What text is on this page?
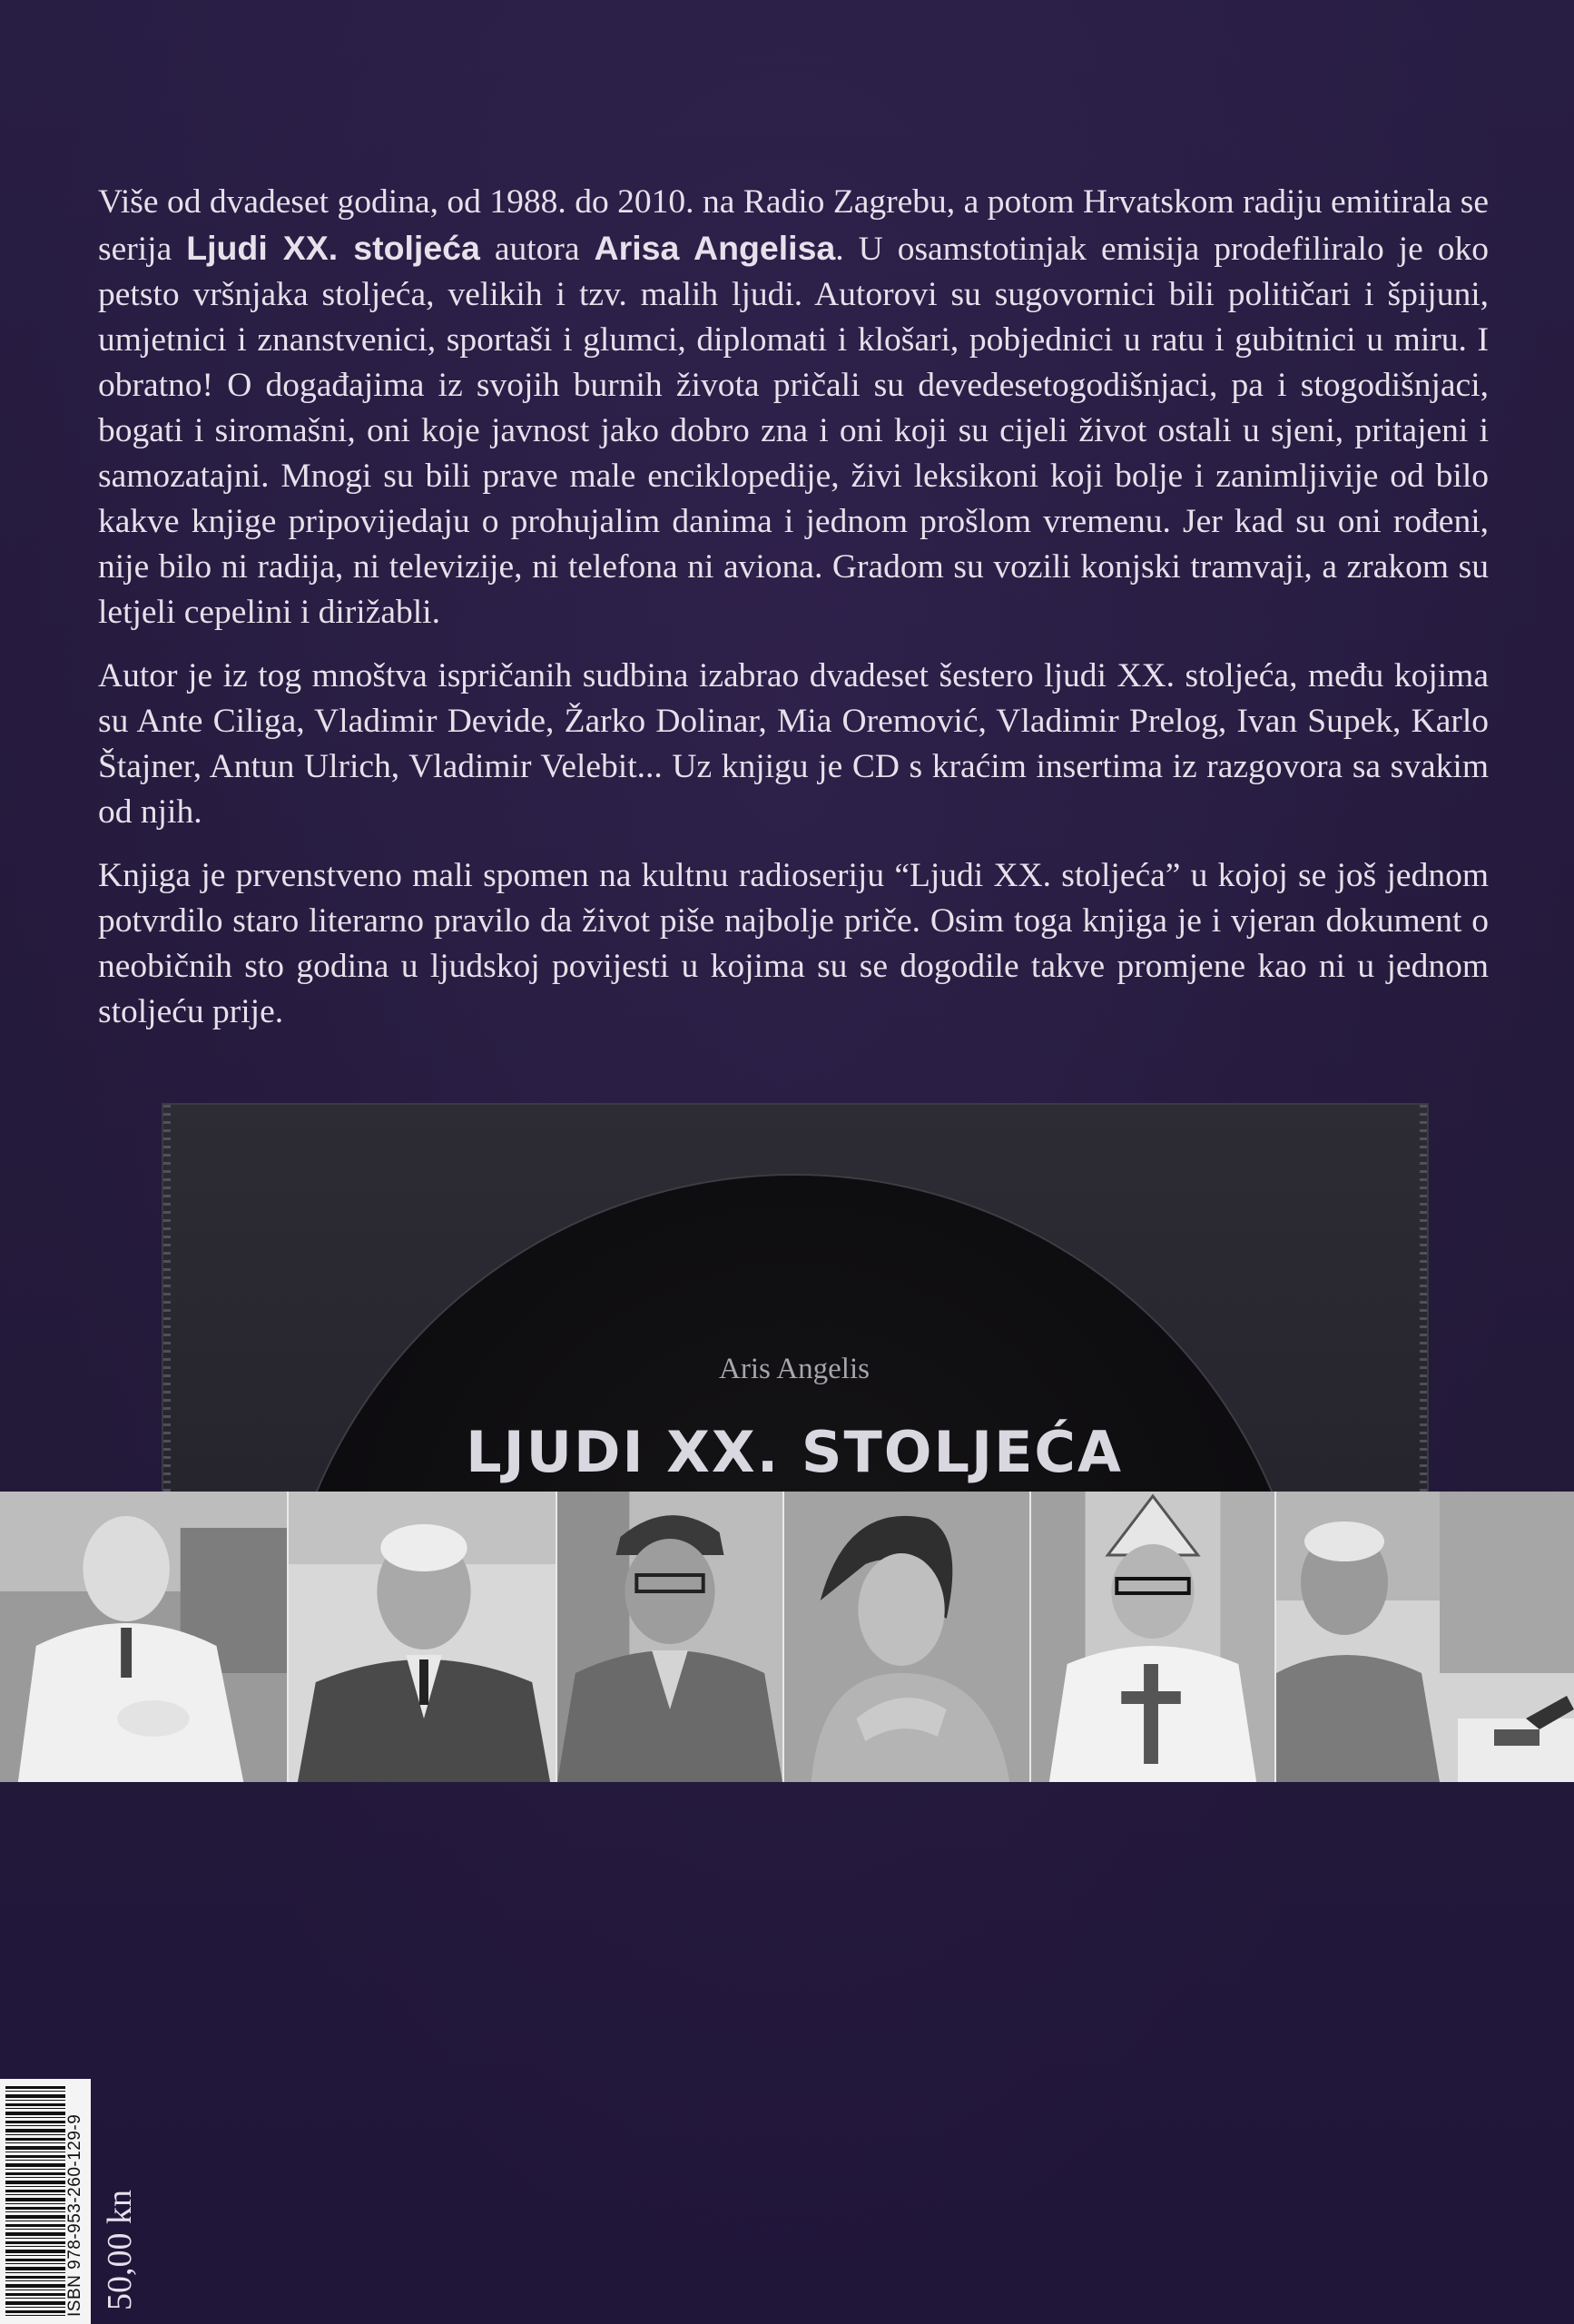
Više od dvadeset godina, od 1988. do 2010. na Radio Zagrebu, a potom Hrvatskom radiju emitirala se serija Ljudi XX. stoljeća autora Arisa Angelisa. U osamstotinjak emisija prodefiliralo je oko petsto vršnjaka stoljeća, velikih i tzv. malih ljudi. Autorovi su sugovornici bili političari i špijuni, umjetnici i znanstvenici, sportaši i glumci, diplomati i klošari, pobjednici u ratu i gubitnici u miru. I obratno! O događajima iz svojih burnih života pričali su devedesetogodišnjaci, pa i stogodišnjaci, bogati i siromašni, oni koje javnost jako dobro zna i oni koji su cijeli život ostali u sjeni, pritajeni i samozatajni. Mnogi su bili prave male enciklopedije, živi leksikoni koji bolje i zanimljivije od bilo kakve knjige pripovijedaju o prohujalim danima i jednom prošlom vremenu. Jer kad su oni rođeni, nije bilo ni radija, ni televizije, ni telefona ni aviona. Gradom su vozili konjski tramvaji, a zrakom su letjeli cepelini i dirižabli.

Autor je iz tog mnoštva ispričanih sudbina izabrao dvadeset šestero ljudi XX. stoljeća, među kojima su Ante Ciliga, Vladimir Devide, Žarko Dolinar, Mia Oremović, Vladimir Prelog, Ivan Supek, Karlo Štajner, Antun Ulrich, Vladimir Velebit... Uz knjigu je CD s kraćim insertima iz razgovora sa svakim od njih.

Knjiga je prvenstveno mali spomen na kultnu radioseriju “Ljudi XX. stoljeća” u kojoj se još jednom potvrdilo staro literarno pravilo da život piše najbolje priče. Osim toga knjiga je i vjeran dokument o neobičnih sto godina u ljudskoj povijesti u kojima su se dogodile takve promjene kao ni u jednom stoljeću prije.

Aris Angelis
LJUDI XX. STOLJEĆA
ISBN 978-953-260-129-9 50,00 kn
